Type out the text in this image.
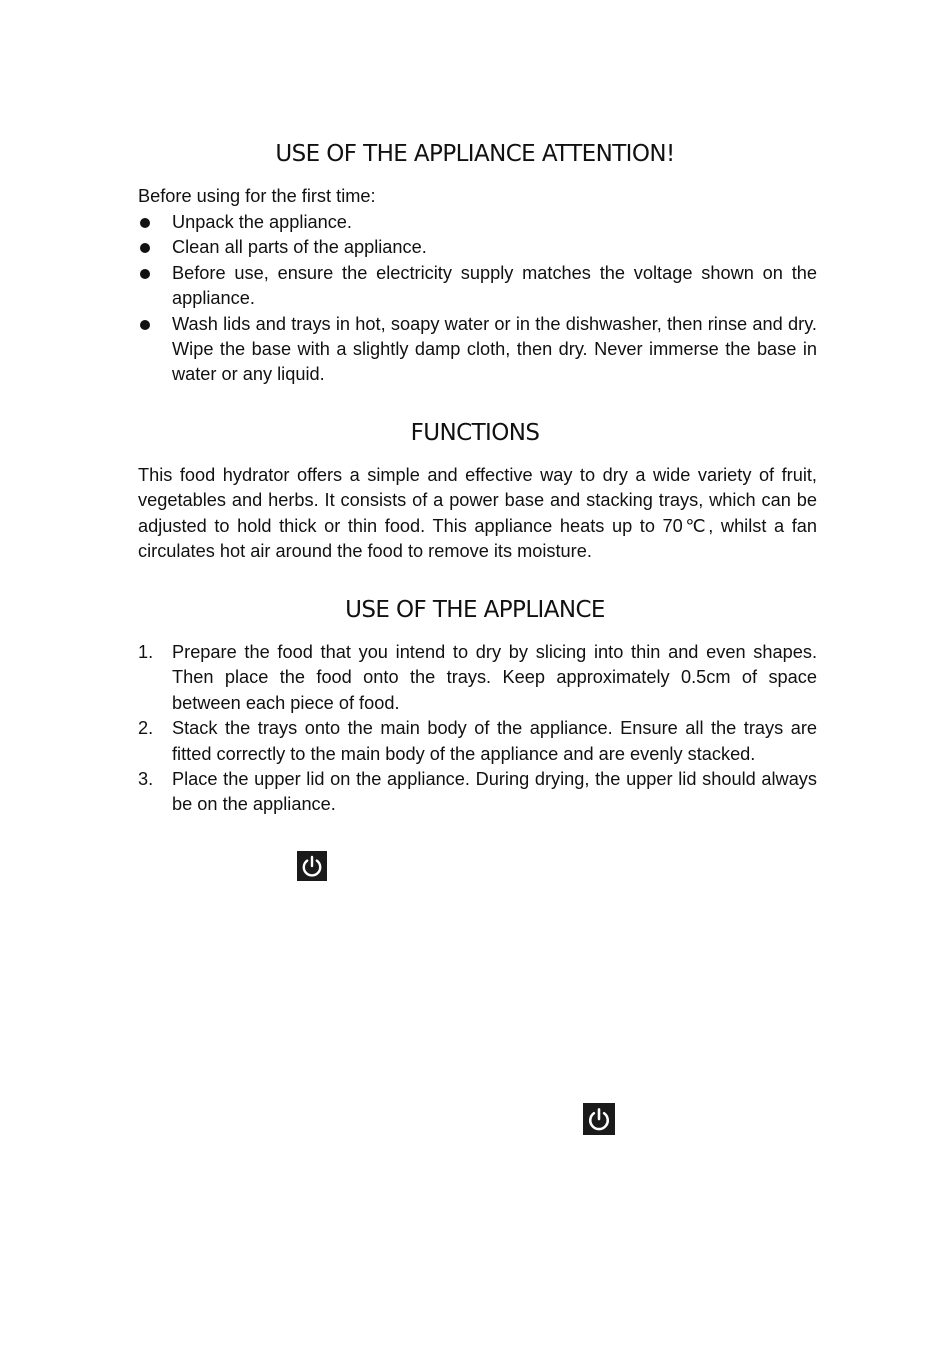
USE OF THE APPLIANCE ATTENTION!
Before using for the first time:
Unpack the appliance.
Clean all parts of the appliance.
Before use, ensure the electricity supply matches the voltage shown on the appliance.
Wash lids and trays in hot, soapy water or in the dishwasher, then rinse and dry. Wipe the base with a slightly damp cloth, then dry. Never immerse the base in water or any liquid.
FUNCTIONS
This food hydrator offers a simple and effective way to dry a wide variety of fruit, vegetables and herbs. It consists of a power base and stacking trays, which can be adjusted to hold thick or thin food. This appliance heats up to 70℃, whilst a fan circulates hot air around the food to remove its moisture.
USE OF THE APPLIANCE
1. Prepare the food that you intend to dry by slicing into thin and even shapes. Then place the food onto the trays. Keep approximately 0.5cm of space between each piece of food.
2. Stack the trays onto the main body of the appliance. Ensure all the trays are fitted correctly to the main body of the appliance and are evenly stacked.
3. Place the upper lid on the appliance. During drying, the upper lid should always be on the appliance.
